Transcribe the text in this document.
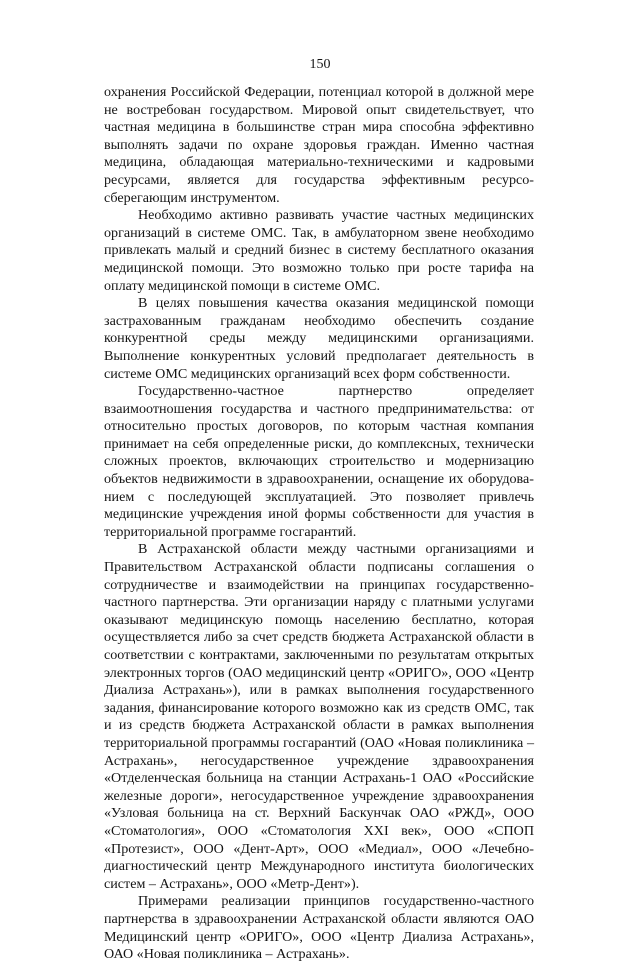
150

охранения Российской Федерации, потенциал которой в должной мере не востребован государством. Мировой опыт свидетельствует, что частная медицина в большинстве стран мира способна эффективно выполнять задачи по охране здоровья граждан. Именно частная медицина, обладающая материально-техническими и кадровыми ресурсами, является для государства эффективным ресурсосберегающим инструментом.

Необходимо активно развивать участие частных медицинских организаций в системе ОМС. Так, в амбулаторном звене необходимо привлекать малый и средний бизнес в систему бесплатного оказания медицинской помощи. Это возможно только при росте тарифа на оплату медицинской помощи в системе ОМС.

В целях повышения качества оказания медицинской помощи застрахованным гражданам необходимо обеспечить создание конкурентной среды между медицинскими организациями. Выполнение конкурентных условий предполагает деятельность в системе ОМС медицинских организаций всех форм собственности.

Государственно-частное партнерство определяет взаимоотношения государства и частного предпринимательства: от относительно простых договоров, по которым частная компания принимает на себя определенные риски, до комплексных, технически сложных проектов, включающих строительство и модернизацию объектов недвижимости в здравоохранении, оснащение их оборудованием с последующей эксплуатацией. Это позволяет привлечь медицинские учреждения иной формы собственности для участия в территориальной программе госгарантий.

В Астраханской области между частными организациями и Правительством Астраханской области подписаны соглашения о сотрудничестве и взаимодействии на принципах государственно-частного партнерства. Эти организации наряду с платными услугами оказывают медицинскую помощь населению бесплатно, которая осуществляется либо за счет средств бюджета Астраханской области в соответствии с контрактами, заключенными по результатам открытых электронных торгов (ОАО медицинский центр «ОРИГО», ООО «Центр Диализа Астрахань»), или в рамках выполнения государственного задания, финансирование которого возможно как из средств ОМС, так и из средств бюджета Астраханской области в рамках выполнения территориальной программы госгарантий (ОАО «Новая поликлиника – Астрахань», негосударственное учреждение здравоохранения «Отделенческая больница на станции Астрахань-1 ОАО «Российские железные дороги», негосударственное учреждение здравоохранения «Узловая больница на ст. Верхний Баскунчак ОАО «РЖД», ООО «Стоматология», ООО «Стоматология XXI век», ООО «СПОП «Протезист», ООО «Дент-Арт», ООО «Медиал», ООО «Лечебно-диагностический центр Международного института биологических систем – Астрахань», ООО «Метр-Дент»).

Примерами реализации принципов государственно-частного партнерства в здравоохранении Астраханской области являются ОАО Медицинский центр «ОРИГО», ООО «Центр Диализа Астрахань», ОАО «Новая поликлиника – Астрахань».
